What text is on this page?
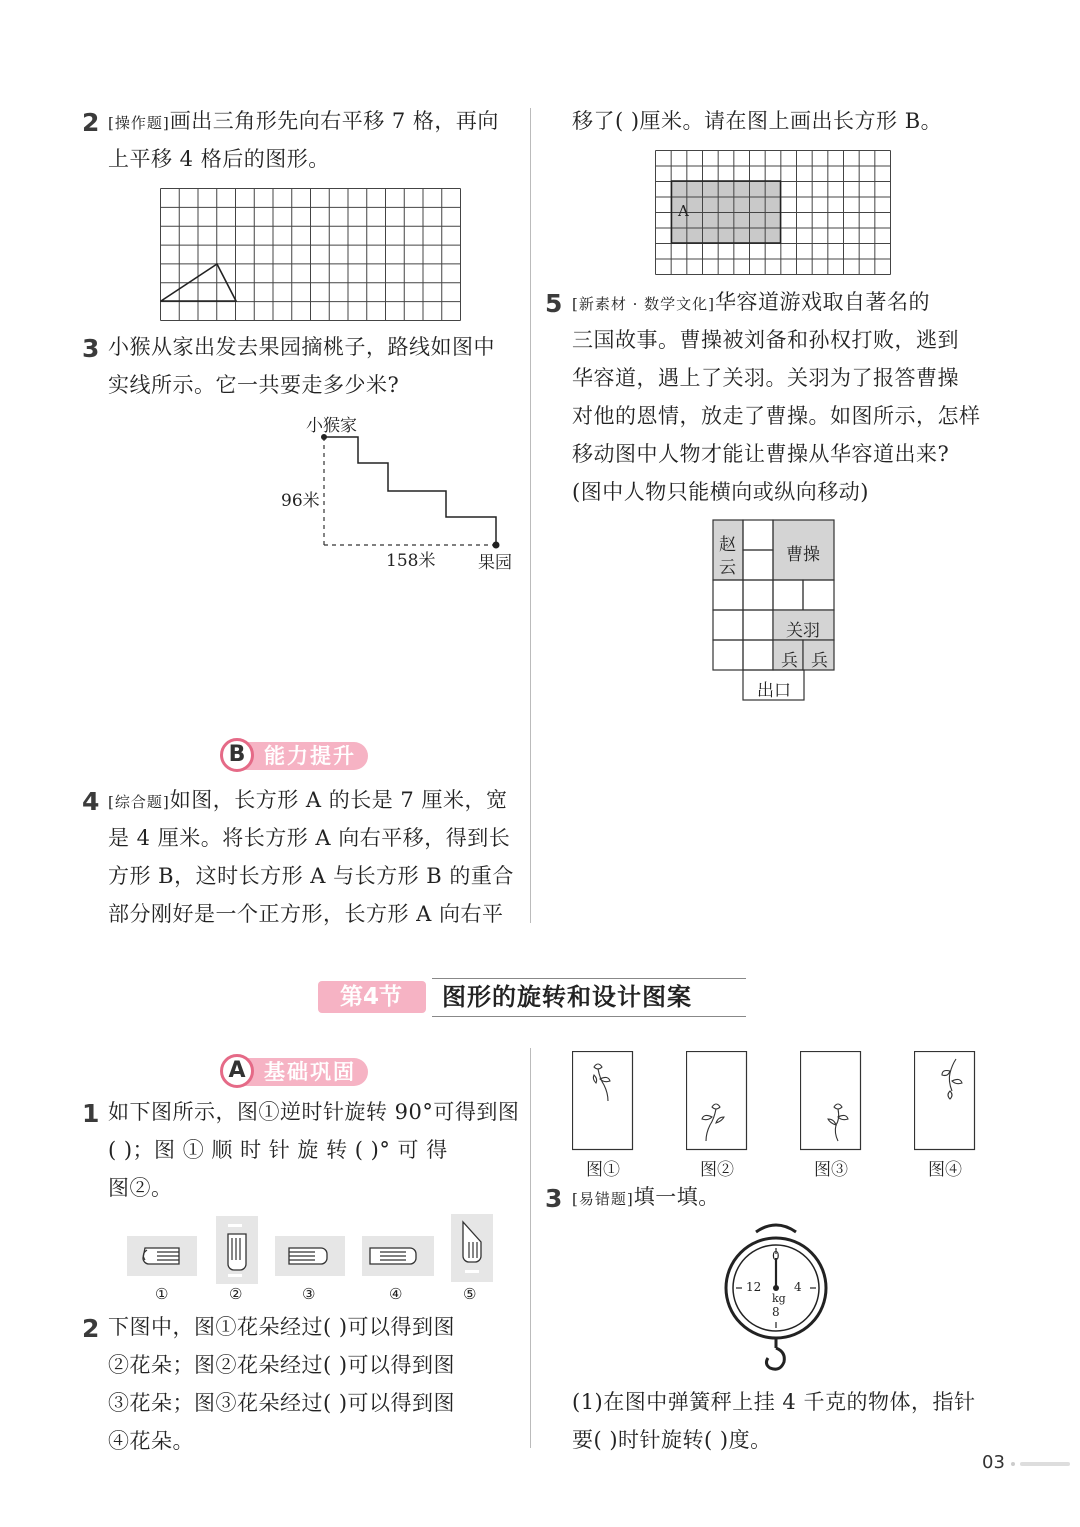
2 [操作题]画出三角形先向右平移 7 格，再向
上平移 4 格后的图形。
3 小猴从家出发去果园摘桃子，路线如图中
实线所示。它一共要走多少米?
小猴家
96米
158米	果园
能力提升
B
4 [综合题]如图，长方形 A 的长是 7 厘米，宽
是 4 厘米。将长方形 A 向右平移，得到长
方形 B，这时长方形 A 与长方形 B 的重合
部分刚好是一个正方形，长方形 A 向右平
移了( )厘米。请在图上画出长方形 B。
A
5 [新素材 · 数学文化]华容道游戏取自著名的
三国故事。曹操被刘备和孙权打败，逃到
华容道，遇上了关羽。关羽为了报答曹操
对他的恩情，放走了曹操。如图所示，怎样
移动图中人物才能让曹操从华容道出来?
(图中人物只能横向或纵向移动)
赵
云
曹操
关羽
兵 兵
出口
第4节 图形的旋转和设计图案
基础巩固
A
1 如下图所示，图①逆时针旋转 90°可得到图
( )；图 ① 顺 时 针 旋 转 ( )° 可 得
图②。
①	②	③	④	⑤
2 下图中，图①花朵经过( )可以得到图
②花朵；图②花朵经过( )可以得到图
③花朵；图③花朵经过( )可以得到图
④花朵。
图①	图②	图③	图④
3 [易错题]填一填。
0
12	4
8
kg
(1)在图中弹簧秤上挂 4 千克的物体，指针
要( )时针旋转( )度。
03
